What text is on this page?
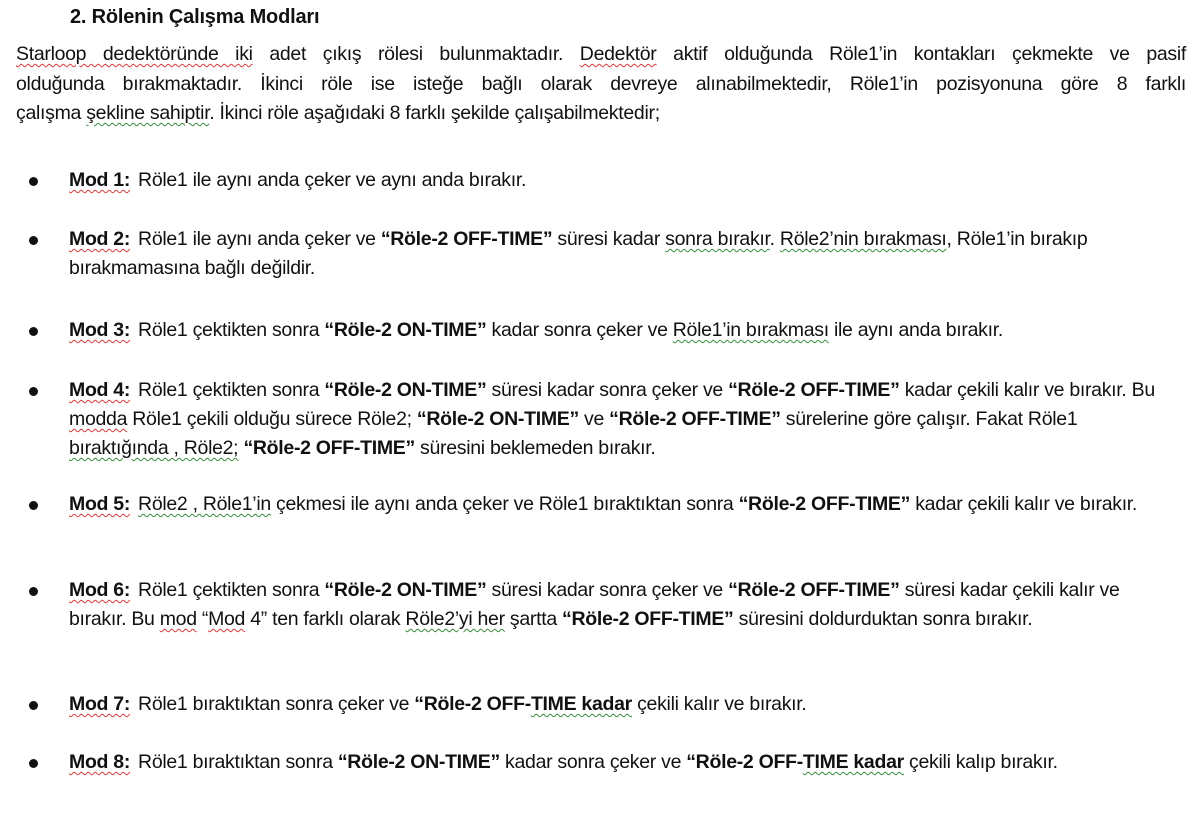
2. Rölenin Çalışma Modları
Starloop dedektöründe iki adet çıkış rölesi bulunmaktadır. Dedektör aktif olduğunda Röle1’in kontakları çekmekte ve pasif
olduğunda bırakmaktadır. İkinci röle ise isteğe bağlı olarak devreye alınabilmektedir, Röle1’in pozisyonuna göre 8 farklı
çalışma şekline sahiptir. İkinci röle aşağıdaki 8 farklı şekilde çalışabilmektedir;
Mod 1: Röle1 ile aynı anda çeker ve aynı anda bırakır.
Mod 2: Röle1 ile aynı anda çeker ve “Röle-2 OFF-TIME” süresi kadar sonra bırakır. Röle2’nin bırakması, Röle1’in bırakıp bırakmamasına bağlı değildir.
Mod 3: Röle1 çektikten sonra “Röle-2 ON-TIME” kadar sonra çeker ve Röle1’in bırakması ile aynı anda bırakır.
Mod 4: Röle1 çektikten sonra “Röle-2 ON-TIME” süresi kadar sonra çeker ve “Röle-2 OFF-TIME” kadar çekili kalır ve bırakır. Bu modda Röle1 çekili olduğu sürece Röle2; “Röle-2 ON-TIME” ve “Röle-2 OFF-TIME” sürelerine göre çalışır. Fakat Röle1 bıraktığında , Röle2; “Röle-2 OFF-TIME” süresini beklemeden bırakır.
Mod 5: Röle2 , Röle1’in çekmesi ile aynı anda çeker ve Röle1 bıraktıktan sonra “Röle-2 OFF-TIME” kadar çekili kalır ve bırakır.
Mod 6: Röle1 çektikten sonra “Röle-2 ON-TIME” süresi kadar sonra çeker ve “Röle-2 OFF-TIME” süresi kadar çekili kalır ve bırakır. Bu mod “Mod 4” ten farklı olarak Röle2’yi her şartta “Röle-2 OFF-TIME” süresini doldurduktan sonra bırakır.
Mod 7: Röle1 bıraktıktan sonra çeker ve “Röle-2 OFF-TIME kadar çekili kalır ve bırakır.
Mod 8: Röle1 bıraktıktan sonra “Röle-2 ON-TIME” kadar sonra çeker ve “Röle-2 OFF-TIME kadar çekili kalıp bırakır.
